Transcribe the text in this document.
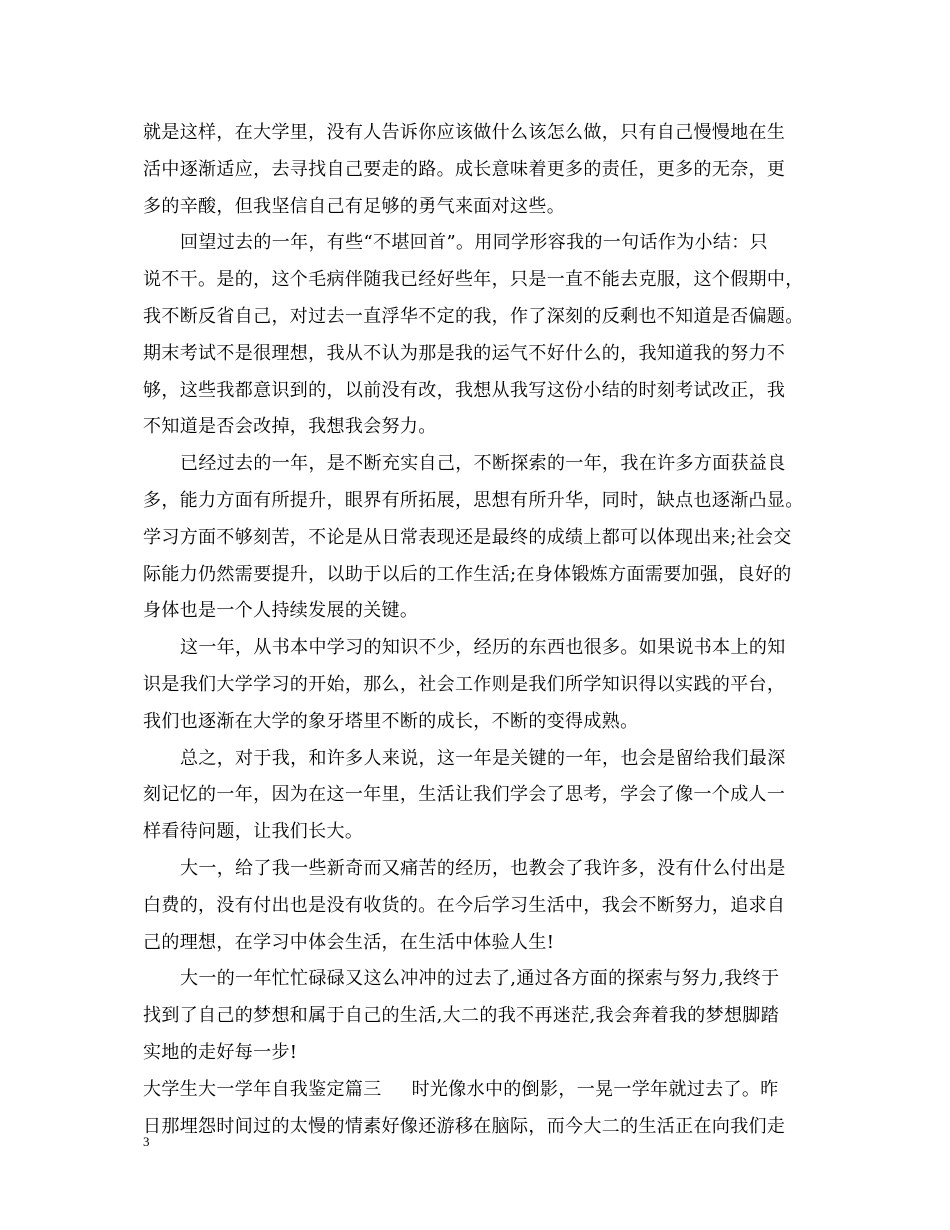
就是这样，在大学里，没有人告诉你应该做什么该怎么做，只有自己慢慢地在生
活中逐渐适应，去寻找自己要走的路。成长意味着更多的责任，更多的无奈，更
多的辛酸，但我坚信自己有足够的勇气来面对这些。
回望过去的一年，有些“不堪回首”。用同学形容我的一句话作为小结：只
说不干。是的，这个毛病伴随我已经好些年，只是一直不能去克服，这个假期中，
我不断反省自己，对过去一直浮华不定的我，作了深刻的反剩也不知道是否偏题。
期末考试不是很理想，我从不认为那是我的运气不好什么的，我知道我的努力不
够，这些我都意识到的，以前没有改，我想从我写这份小结的时刻考试改正，我
不知道是否会改掉，我想我会努力。
已经过去的一年，是不断充实自己，不断探索的一年，我在许多方面获益良
多，能力方面有所提升，眼界有所拓展，思想有所升华，同时，缺点也逐渐凸显。
学习方面不够刻苦，不论是从日常表现还是最终的成绩上都可以体现出来;社会交
际能力仍然需要提升，以助于以后的工作生活;在身体锻炼方面需要加强，良好的
身体也是一个人持续发展的关键。
这一年，从书本中学习的知识不少，经历的东西也很多。如果说书本上的知
识是我们大学学习的开始，那么，社会工作则是我们所学知识得以实践的平台，
我们也逐渐在大学的象牙塔里不断的成长，不断的变得成熟。
总之，对于我，和许多人来说，这一年是关键的一年，也会是留给我们最深
刻记忆的一年，因为在这一年里，生活让我们学会了思考，学会了像一个成人一
样看待问题，让我们长大。
大一，给了我一些新奇而又痛苦的经历，也教会了我许多，没有什么付出是
白费的，没有付出也是没有收货的。在今后学习生活中，我会不断努力，追求自
己的理想，在学习中体会生活，在生活中体验人生!
大一的一年忙忙碌碌又这么冲冲的过去了,通过各方面的探索与努力,我终于
找到了自己的梦想和属于自己的生活,大二的我不再迷茫,我会奔着我的梦想脚踏
实地的走好每一步!
大学生大一学年自我鉴定篇三 时光像水中的倒影，一晃一学年就过去了。昨
日那埋怨时间过的太慢的情素好像还游移在脑际，而今大二的生活正在向我们走
3
